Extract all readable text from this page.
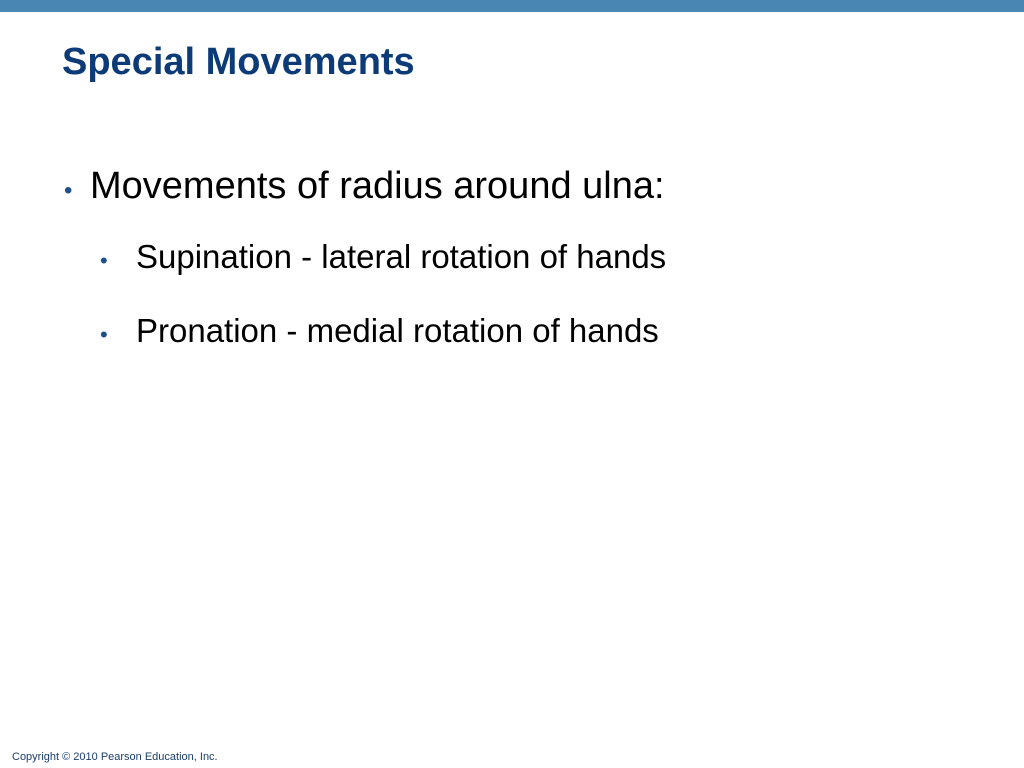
Special Movements
• Movements of radius around ulna:
• Supination - lateral rotation of hands
• Pronation - medial rotation of hands
Copyright © 2010 Pearson Education, Inc.
